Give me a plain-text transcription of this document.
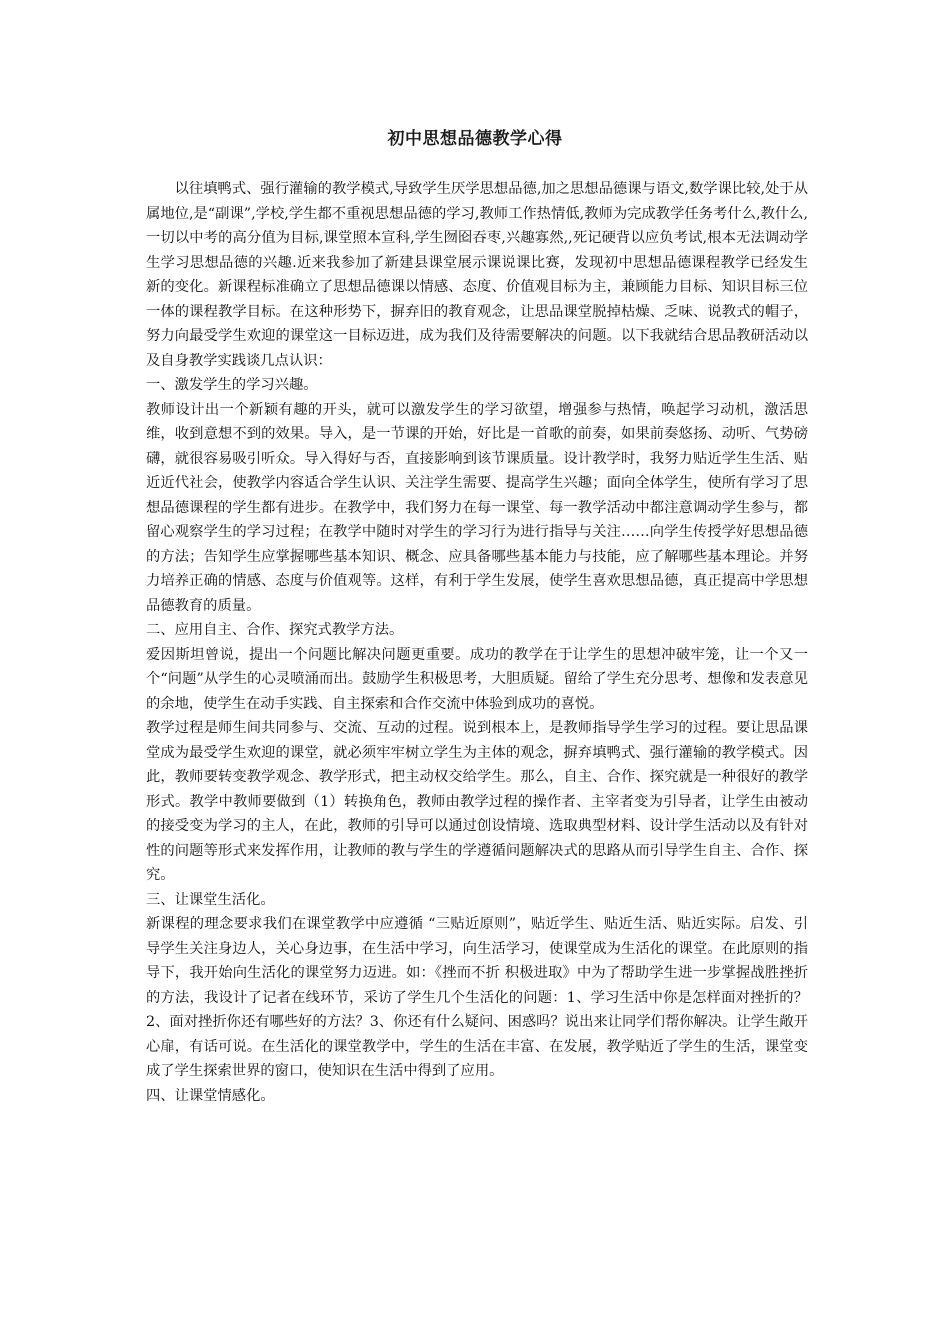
初中思想品德教学心得

以往填鸭式、强行灌输的教学模式,导致学生厌学思想品德,加之思想品德课与语文,数学课比较,处于从属地位,是“副课”,学校,学生都不重视思想品德的学习,教师工作热情低,教师为完成教学任务考什么,教什么,一切以中考的高分值为目标,课堂照本宣科,学生囫囵吞枣,兴趣寡然,,死记硬背以应负考试,根本无法调动学生学习思想品德的兴趣.近来我参加了新建县课堂展示课说课比赛，发现初中思想品德课程教学已经发生新的变化。新课程标准确立了思想品德课以情感、态度、价值观目标为主，兼顾能力目标、知识目标三位一体的课程教学目标。在这种形势下，摒弃旧的教育观念，让思品课堂脱掉枯燥、乏味、说教式的帽子，努力向最受学生欢迎的课堂这一目标迈进，成为我们及待需要解决的问题。以下我就结合思品教研活动以及自身教学实践谈几点认识：

一、激发学生的学习兴趣。

教师设计出一个新颖有趣的开头，就可以激发学生的学习欲望，增强参与热情，唤起学习动机，激活思维，收到意想不到的效果。导入，是一节课的开始，好比是一首歌的前奏，如果前奏悠扬、动听、气势磅礴，就很容易吸引听众。导入得好与否，直接影响到该节课质量。设计教学时，我努力贴近学生生活、贴近近代社会，使教学内容适合学生认识、关注学生需要、提高学生兴趣；面向全体学生，使所有学习了思想品德课程的学生都有进步。在教学中，我们努力在每一课堂、每一教学活动中都注意调动学生参与，都留心观察学生的学习过程；在教学中随时对学生的学习行为进行指导与关注……向学生传授学好思想品德的方法；告知学生应掌握哪些基本知识、概念、应具备哪些基本能力与技能，应了解哪些基本理论。并努力培养正确的情感、态度与价值观等。这样，有利于学生发展，使学生喜欢思想品德，真正提高中学思想品德教育的质量。

二、应用自主、合作、探究式教学方法。

爱因斯坦曾说，提出一个问题比解决问题更重要。成功的教学在于让学生的思想冲破牢笼，让一个又一个“问题”从学生的心灵喷涌而出。鼓励学生积极思考，大胆质疑。留给了学生充分思考、想像和发表意见的余地，使学生在动手实践、自主探索和合作交流中体验到成功的喜悦。

教学过程是师生间共同参与、交流、互动的过程。说到根本上，是教师指导学生学习的过程。要让思品课堂成为最受学生欢迎的课堂，就必须牢牢树立学生为主体的观念，摒弃填鸭式、强行灌输的教学模式。因此，教师要转变教学观念、教学形式，把主动权交给学生。那么，自主、合作、探究就是一种很好的教学形式。教学中教师要做到（1）转换角色，教师由教学过程的操作者、主宰者变为引导者，让学生由被动的接受变为学习的主人，在此，教师的引导可以通过创设情境、选取典型材料、设计学生活动以及有针对性的问题等形式来发挥作用，让教师的教与学生的学遵循问题解决式的思路从而引导学生自主、合作、探究。

三、让课堂生活化。

新课程的理念要求我们在课堂教学中应遵循 “三贴近原则”，贴近学生、贴近生活、贴近实际。启发、引导学生关注身边人，关心身边事，在生活中学习，向生活学习，使课堂成为生活化的课堂。在此原则的指导下，我开始向生活化的课堂努力迈进。如：《挫而不折 积极进取》中为了帮助学生进一步掌握战胜挫折的方法，我设计了记者在线环节，采访了学生几个生活化的问题：1、学习生活中你是怎样面对挫折的？ 2、面对挫折你还有哪些好的方法？3、你还有什么疑问、困惑吗？说出来让同学们帮你解决。让学生敞开心扉，有话可说。在生活化的课堂教学中，学生的生活在丰富、在发展，教学贴近了学生的生活，课堂变成了学生探索世界的窗口，使知识在生活中得到了应用。

四、让课堂情感化。
